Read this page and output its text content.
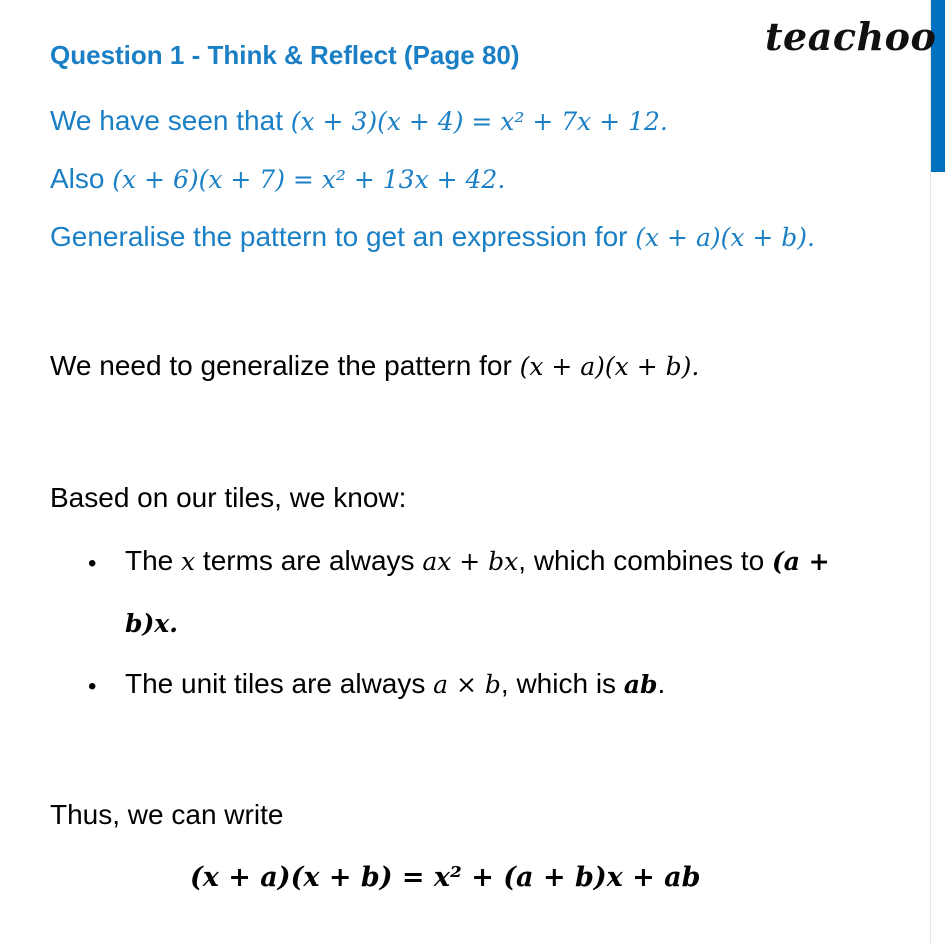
teachoo
Question 1 - Think & Reflect (Page 80)
We have seen that (x + 3)(x + 4) = x² + 7x + 12.
Also (x + 6)(x + 7) = x² + 13x + 42.
Generalise the pattern to get an expression for (x + a)(x + b).
We need to generalize the pattern for (x + a)(x + b).
Based on our tiles, we know:
• The x terms are always ax + bx, which combines to (a +
b)x.
• The unit tiles are always a × b, which is ab.
Thus, we can write
(x + a)(x + b) = x² + (a + b)x + ab
